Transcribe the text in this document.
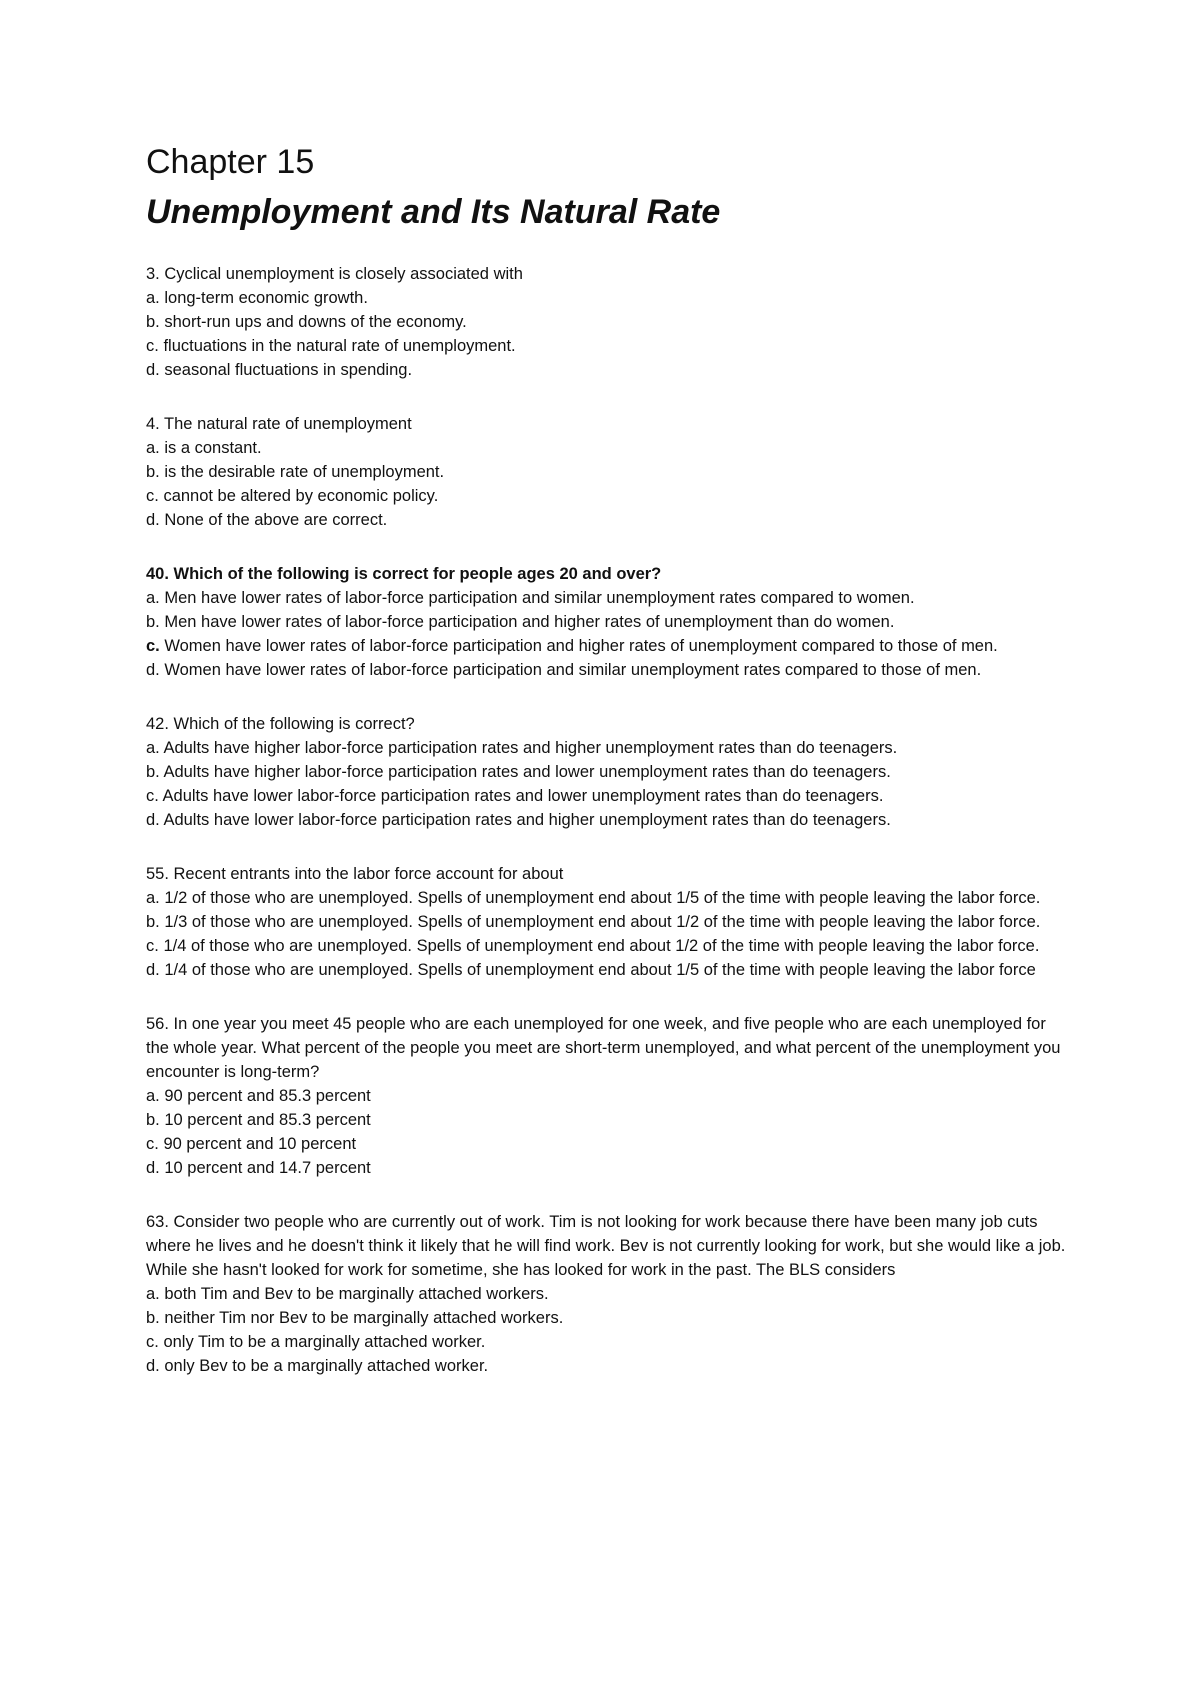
Chapter 15
Unemployment and Its Natural Rate

3. Cyclical unemployment is closely associated with

a. long-term economic growth.

b. short-run ups and downs of the economy.

c. fluctuations in the natural rate of unemployment.

d. seasonal fluctuations in spending.

4. The natural rate of unemployment

a. is a constant.

b. is the desirable rate of unemployment.

c. cannot be altered by economic policy.

d. None of the above are correct.

40. Which of the following is correct for people ages 20 and over?

a. Men have lower rates of labor-force participation and similar unemployment rates compared to women.

b. Men have lower rates of labor-force participation and higher rates of unemployment than do women.

c. Women have lower rates of labor-force participation and higher rates of unemployment compared to those of men.

d. Women have lower rates of labor-force participation and similar unemployment rates compared to those of men.

42. Which of the following is correct?

a. Adults have higher labor-force participation rates and higher unemployment rates than do teenagers.

b. Adults have higher labor-force participation rates and lower unemployment rates than do teenagers.

c. Adults have lower labor-force participation rates and lower unemployment rates than do teenagers.

d. Adults have lower labor-force participation rates and higher unemployment rates than do teenagers.

55. Recent entrants into the labor force account for about

a. 1/2 of those who are unemployed. Spells of unemployment end about 1/5 of the time with people leaving the labor force.

b. 1/3 of those who are unemployed. Spells of unemployment end about 1/2 of the time with people leaving the labor force.

c. 1/4 of those who are unemployed. Spells of unemployment end about 1/2 of the time with people leaving the labor force.

d. 1/4 of those who are unemployed. Spells of unemployment end about 1/5 of the time with people leaving the labor force

56. In one year you meet 45 people who are each unemployed for one week, and five people who are each unemployed for the whole year. What percent of the people you meet are short-term unemployed, and what percent of the unemployment you encounter is long-term?

a. 90 percent and 85.3 percent

b. 10 percent and 85.3 percent

c. 90 percent and 10 percent

d. 10 percent and 14.7 percent

63. Consider two people who are currently out of work. Tim is not looking for work because there have been many job cuts where he lives and he doesn't think it likely that he will find work. Bev is not currently looking for work, but she would like a job. While she hasn't looked for work for sometime, she has looked for work in the past. The BLS considers

a. both Tim and Bev to be marginally attached workers.

b. neither Tim nor Bev to be marginally attached workers.

c. only Tim to be a marginally attached worker.

d. only Bev to be a marginally attached worker.
